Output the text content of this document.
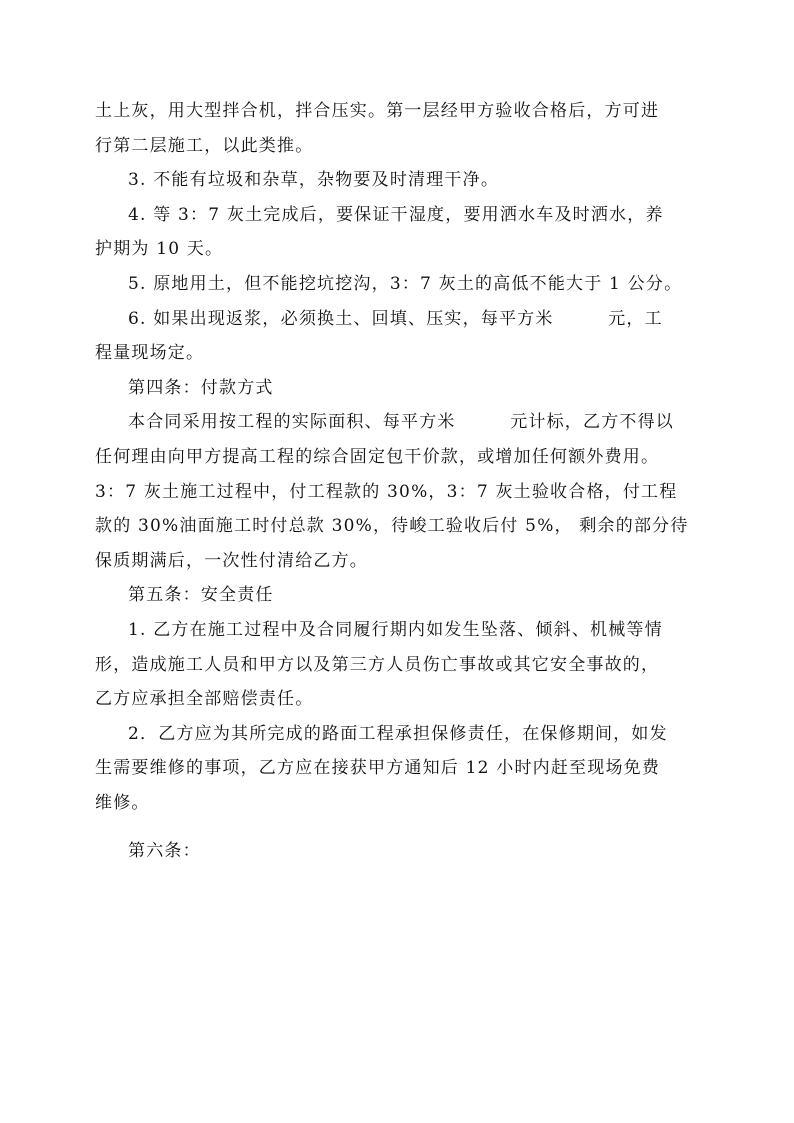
土上灰，用大型拌合机，拌合压实。第一层经甲方验收合格后，方可进
行第二层施工，以此类推。
3. 不能有垃圾和杂草，杂物要及时清理干净。
4. 等 3：7 灰土完成后，要保证干湿度，要用洒水车及时洒水，养
护期为 10 天。
5. 原地用土，但不能挖坑挖沟，3：7 灰土的高低不能大于 1 公分。
6. 如果出现返浆，必须换土、回填、压实，每平方米　　　元，工
程量现场定。
第四条：付款方式
本合同采用按工程的实际面积、每平方米　　　元计标，乙方不得以
任何理由向甲方提高工程的综合固定包干价款，或增加任何额外费用。
3：7 灰土施工过程中，付工程款的 30%，3：7 灰土验收合格，付工程
款的 30%油面施工时付总款 30%，待峻工验收后付 5%， 剩余的部分待
保质期满后，一次性付清给乙方。
第五条：安全责任
1. 乙方在施工过程中及合同履行期内如发生坠落、倾斜、机械等情
形，造成施工人员和甲方以及第三方人员伤亡事故或其它安全事故的，
乙方应承担全部赔偿责任。
2．乙方应为其所完成的路面工程承担保修责任，在保修期间，如发
生需要维修的事项，乙方应在接获甲方通知后 12 小时内赶至现场免费
维修。
第六条：
